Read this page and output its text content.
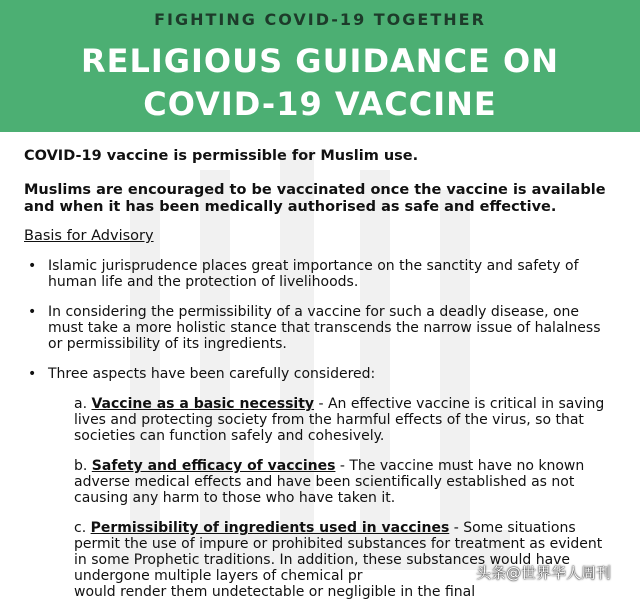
FIGHTING COVID-19 TOGETHER
RELIGIOUS GUIDANCE ON
COVID-19 VACCINE

COVID-19 vaccine is permissible for Muslim use.

Muslims are encouraged to be vaccinated once the vaccine is available and when it has been medically authorised as safe and effective.

Basis for Advisory
• Islamic jurisprudence places great importance on the sanctity and safety of human life and the protection of livelihoods.
• In considering the permissibility of a vaccine for such a deadly disease, one must take a more holistic stance that transcends the narrow issue of halalness or permissibility of its ingredients.
• Three aspects have been carefully considered:
a. Vaccine as a basic necessity - An effective vaccine is critical in saving lives and protecting society from the harmful effects of the virus, so that societies can function safely and cohesively.
b. Safety and efficacy of vaccines - The vaccine must have no known adverse medical effects and have been scientifically established as not causing any harm to those who have taken it.
c. Permissibility of ingredients used in vaccines - Some situations permit the use of impure or prohibited substances for treatment as evident in some Prophetic traditions. In addition, these substances would have undergone multiple layers of chemical pr
would render them undetectable or negligible in the final
头条@世界华人周刊
